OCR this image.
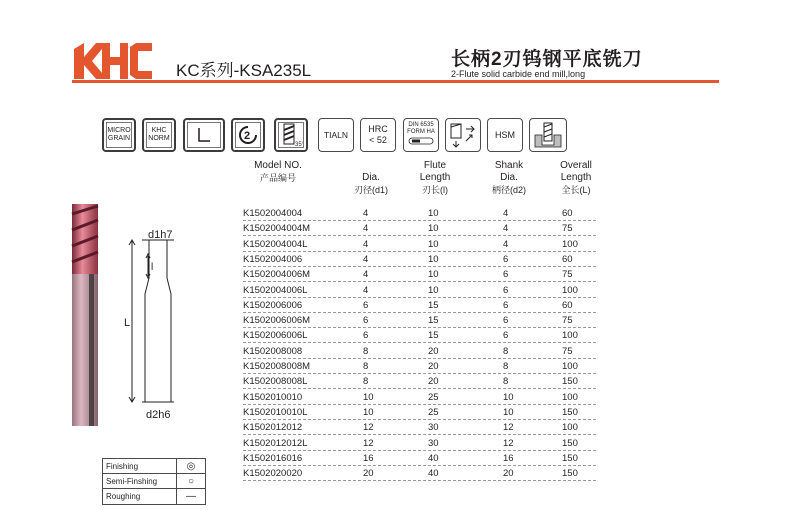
KC系列-KSA235L
长柄2刃钨钢平底铣刀
2-Flute solid carbide end mill,long
MICRO GRAIN
KHC NORM	2
35°
TIALN
HRC
< 52
DIN 6535
FORM HA	HSM
d1h7
l
L
d2h6
Model NO.
产品编号	Dia.
刃径(d1)
Flute Length
刃长(l)
Shank Dia.
柄径(d2)
Overall Length
全长(L)
K1502004004	4	10	4	60
K1502004004M	4	10	4	75
K1502004004L	4	10	4	100
K1502004006	4	10	6	60
K1502004006M	4	10	6	75
K1502004006L	4	10	6	100
K1502006006	6	15	6	60
K1502006006M	6	15	6	75
K1502006006L	6	15	6	100
K1502008008	8	20	8	75
K1502008008M	8	20	8	100
K1502008008L	8	20	8	150
K1502010010	10	25	10	100
K1502010010L	10	25	10	150
K1502012012	12	30	12	100
K1502012012L	12	30	12	150
K1502016016	16	40	16	150
K1502020020	20	40	20	150
Finishing	◎
Semi-Finshing	○
Roughing	—
